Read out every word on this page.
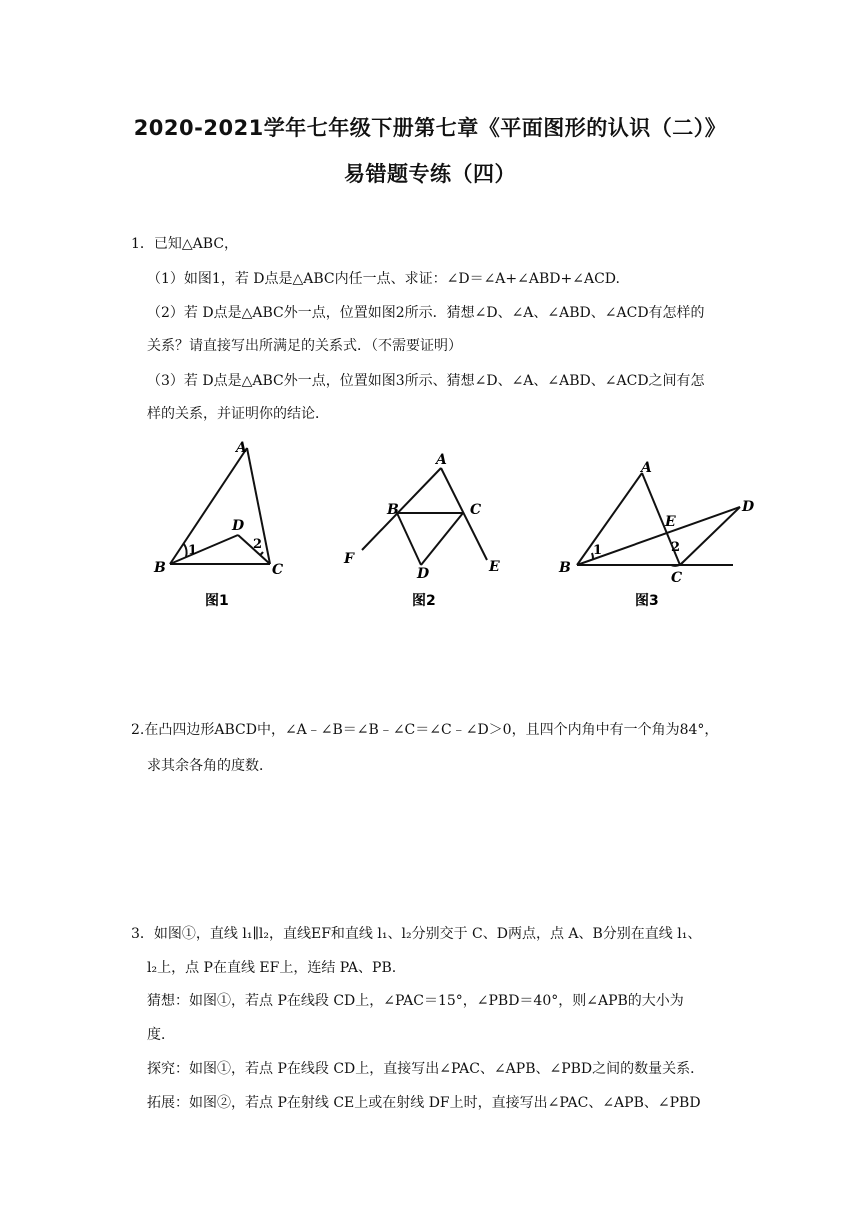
2020-2021学年七年级下册第七章《平面图形的认识（二）》
易错题专练（四）
1．已知△ABC，
（1）如图1，若 D点是△ABC内任一点、求证：∠D＝∠A+∠ABD+∠ACD.
（2）若 D点是△ABC外一点，位置如图2所示．猜想∠D、∠A、∠ABD、∠ACD有怎样的
关系？请直接写出所满足的关系式．（不需要证明）
（3）若 D点是△ABC外一点，位置如图3所示、猜想∠D、∠A、∠ABD、∠ACD之间有怎
样的关系，并证明你的结论．
A
B	C
D
1	2
图1
A
B	C
D	E
F
图2
A
B
C
D
E
1	2
图3
2.在凸四边形ABCD中，∠A﹣∠B＝∠B﹣∠C＝∠C﹣∠D＞0，且四个内角中有一个角为84°，
求其余各角的度数．
3．如图①，直线 l₁∥l₂，直线EF和直线 l₁、l₂分别交于 C、D两点，点 A、B分别在直线 l₁、
l₂上，点 P在直线 EF上，连结 PA、PB.
猜想：如图①，若点 P在线段 CD上，∠PAC＝15°，∠PBD＝40°，则∠APB的大小为
度．
探究：如图①，若点 P在线段 CD上，直接写出∠PAC、∠APB、∠PBD之间的数量关系．
拓展：如图②，若点 P在射线 CE上或在射线 DF上时，直接写出∠PAC、∠APB、∠PBD
